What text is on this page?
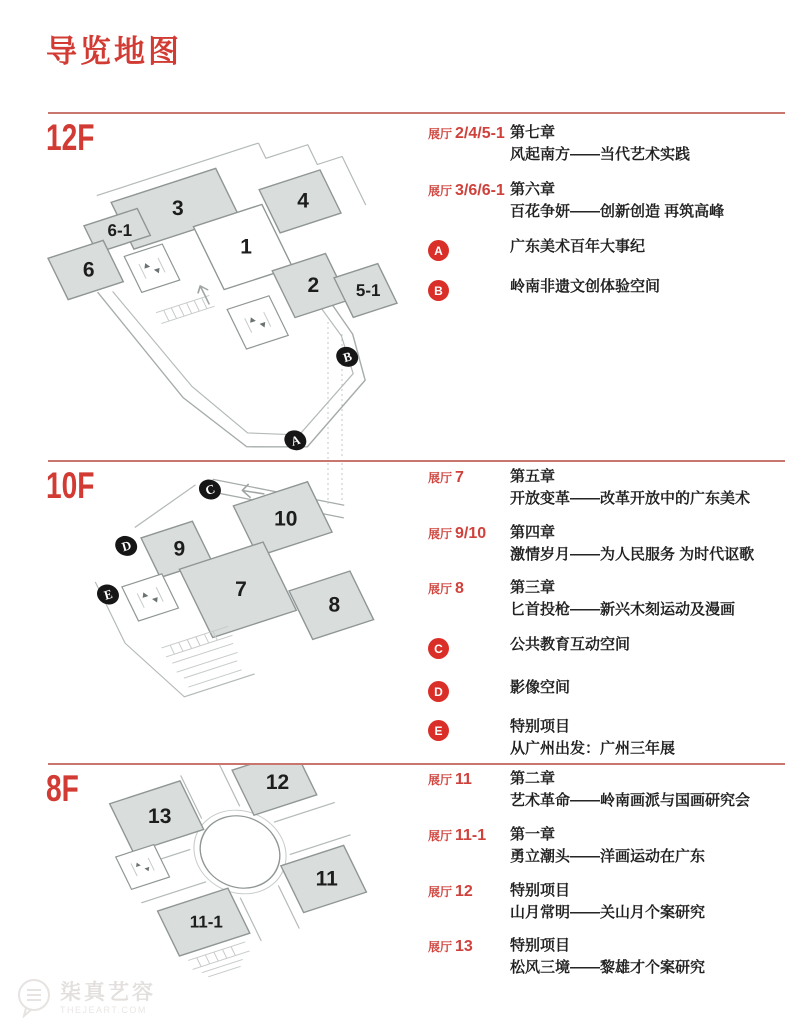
导览地图
12F
A
B
3	4
1
2 5-1
6-1
6
展厅 2/4/5-1 第七章
风起南方——当代艺术实践
展厅 3/6/6-1 第六章
百花争妍——创新创造 再筑高峰
A	广东美术百年大事纪
B	岭南非遗文创体验空间
10F	C
D
E
9
10
7
8
展厅 7	第五章
开放变革——改革开放中的广东美术
展厅 9/10 第四章
激情岁月——为人民服务 为时代讴歌
展厅 8	第三章
匕首投枪——新兴木刻运动及漫画
C	公共教育互动空间
D	影像空间
E	特别项目
从广州出发：广州三年展
8F
13
12
11-1
11
展厅 11	第二章
艺术革命——岭南画派与国画研究会
展厅 11-1 第一章
勇立潮头——洋画运动在广东
展厅 12 特别项目
山月常明——关山月个案研究
展厅 13 特别项目
松风三境——黎雄才个案研究
柒真艺容
THEJEART.COM
